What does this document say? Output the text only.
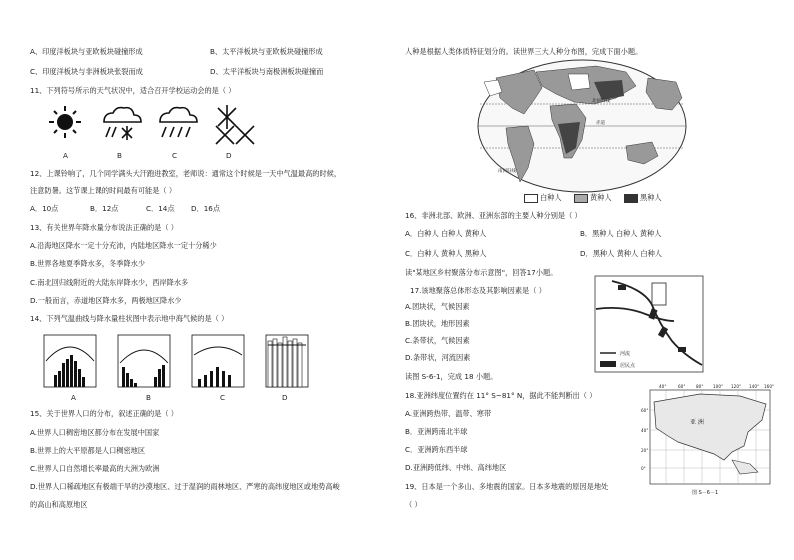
A、印度洋板块与亚欧板块碰撞形成	B、太平洋板块与亚欧板块碰撞形成
C、印度洋板块与非洲板块张裂而成	D、太平洋板块与南极洲板块碰撞而
11、下列符号所示的天气状况中，适合召开学校运动会的是（ ）
A	B	C	D
12、上课铃响了，几个同学满头大汗跑进教室，老师说：通常这个时候是一天中气温最高的时候，
注意防暑。这节课上课的时间最有可能是（ ）
A．10点	B．12点	C．14点 D．16点
13、有关世界年降水量分布说法正确的是（ ）
A.沿海地区降水一定十分充沛，内陆地区降水一定十分稀少
B.世界各地夏季降水多，冬季降水少
C.南北回归线附近的大陆东岸降水少，西岸降水多
D.一般而言，赤道地区降水多，两极地区降水少
14、下列气温曲线与降水量柱状图中表示地中海气候的是（ ）
A	B	C	D
15、关于世界人口的分布，叙述正确的是（ ）
A.世界人口稠密地区都分布在发展中国家
B.世界上的大平原都是人口稠密地区
C.世界人口自然增长率最高的大洲为欧洲
D.世界人口稀疏地区有极端干旱的沙漠地区、过于湿润的雨林地区、严寒的高纬度地区或地势高峻
的高山和高原地区
人种是根据人类体质特征划分的。读世界三大人种分布图，完成下面小题。
北回归线
南回归线
赤道
白种人	黄种人	黑种人
16、非洲北部、欧洲、亚洲东部的主要人种分别是（ ）
A．白种人 白种人 黄种人	B．黑种人 白种人 黄种人
C．白种人 黄种人 黑种人	D．黑种人 黄种人 白种人
读"某地区乡村聚落分布示意图"，回答17小题。
河流
居民点
17.该地聚落总体形态及其影响因素是（ ）
A.团块状，气候因素
B.团块状，地形因素
C.条带状，气候因素
D.条带状，河流因素
读图 S-6-1，完成 18 小题。
18.亚洲纬度位置约在 11° S~81° N，据此不能判断出（ ）
A.亚洲跨热带、温带、寒带
B．亚洲跨南北半球
C．亚洲跨东西半球
D.亚洲跨低纬、中纬、高纬地区
亚 洲
40°	60°	80° 100° 120° 140° 160°
60°
40°
20°
0°
图 S－6－1
19、日本是一个多山、多地震的国家。日本多地震的原因是地处
（ ）
